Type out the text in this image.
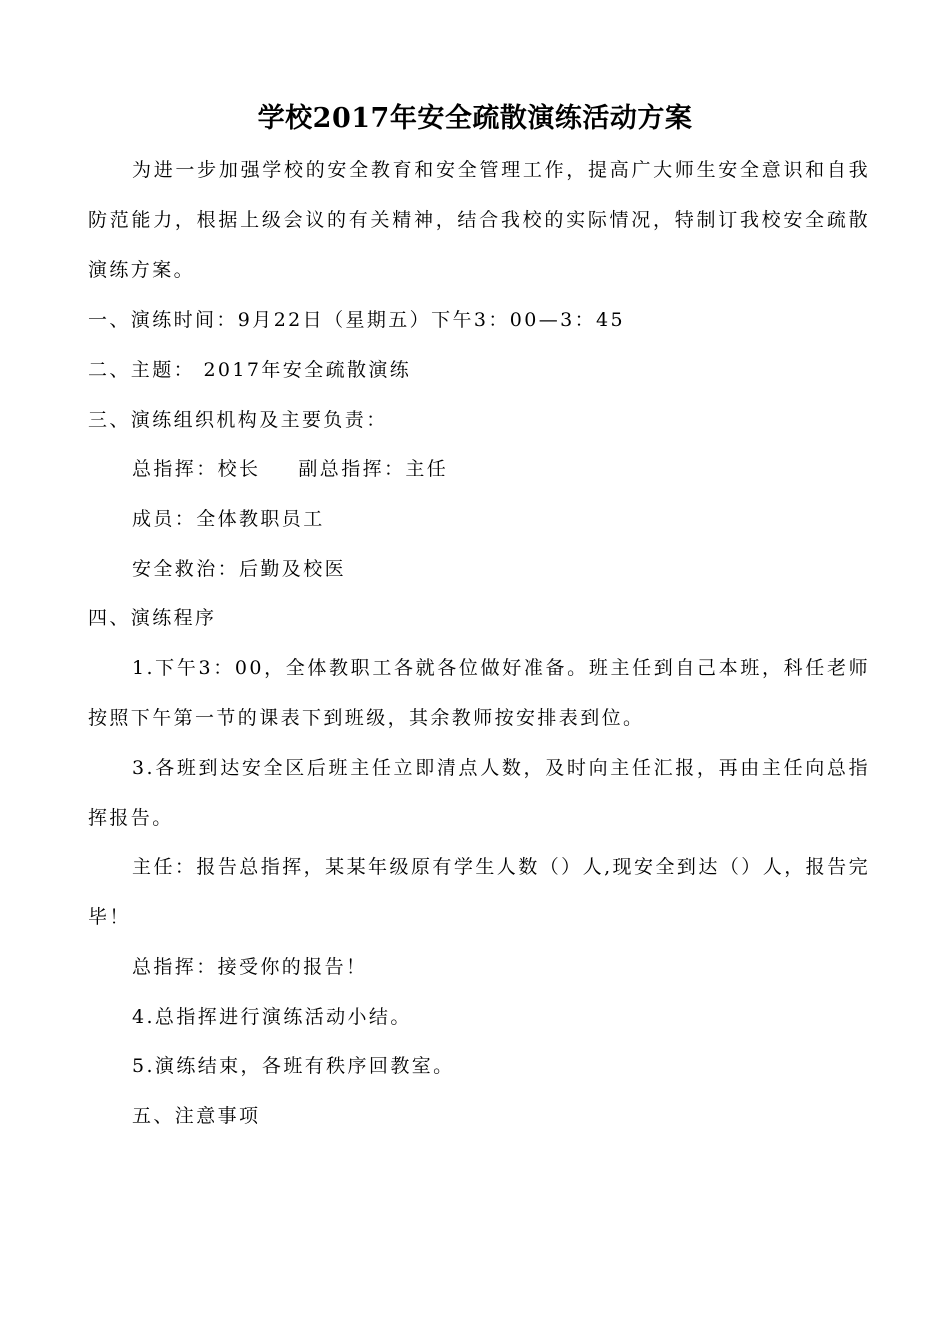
学校2017年安全疏散演练活动方案
为进一步加强学校的安全教育和安全管理工作，提高广大师生安全意识和自我防范能力，根据上级会议的有关精神，结合我校的实际情况，特制订我校安全疏散演练方案。
一、演练时间：9月22日（星期五）下午3：00—3：45
二、主题： 2017年安全疏散演练
三、演练组织机构及主要负责：
总指挥：校长 副总指挥：主任
成员：全体教职员工
安全救治：后勤及校医
四、演练程序
1.下午3：00，全体教职工各就各位做好准备。班主任到自己本班，科任老师按照下午第一节的课表下到班级，其余教师按安排表到位。
3.各班到达安全区后班主任立即清点人数，及时向主任汇报，再由主任向总指挥报告。
主任：报告总指挥，某某年级原有学生人数（）人,现安全到达（）人，报告完毕！
总指挥：接受你的报告！
4.总指挥进行演练活动小结。
5.演练结束，各班有秩序回教室。
五、注意事项
